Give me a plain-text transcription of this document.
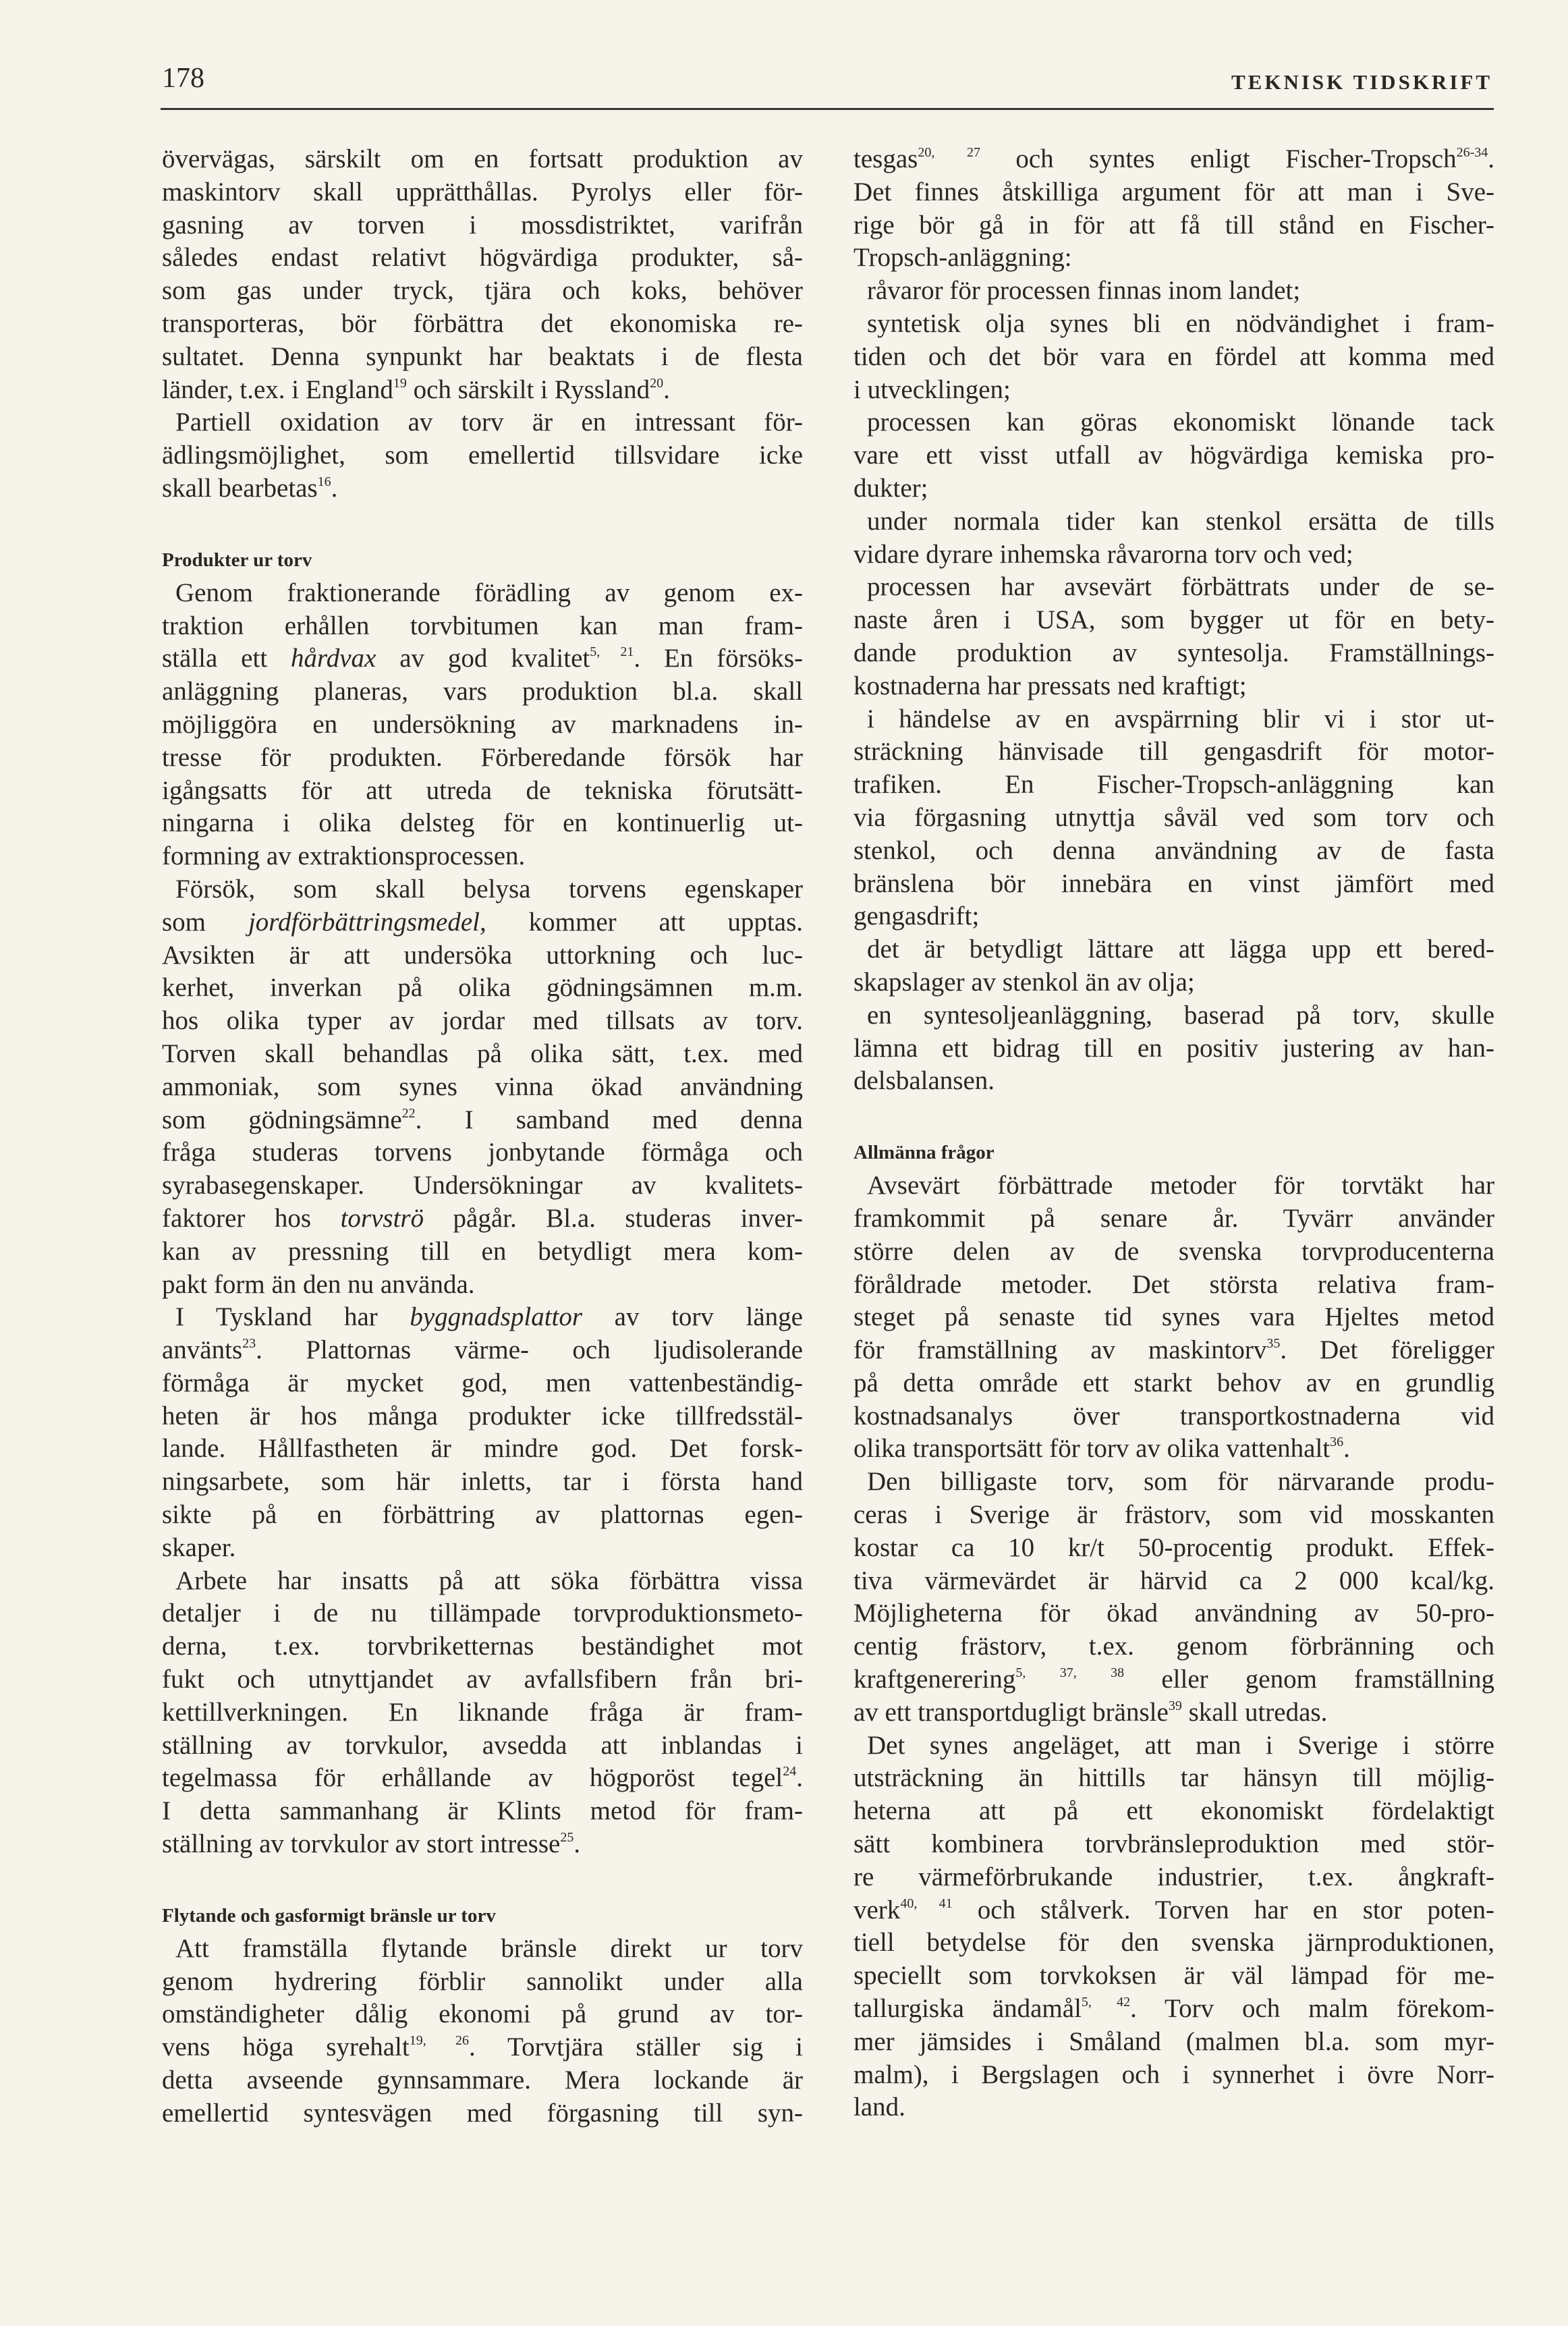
178	TEKNISK TIDSKRIFT
övervägas, särskilt om en fortsatt produktion av
maskintorv skall upprätthållas. Pyrolys eller för-
gasning av torven i mossdistriktet, varifrån
således endast relativt högvärdiga produkter, så-
som gas under tryck, tjära och koks, behöver
transporteras, bör förbättra det ekonomiska re-
sultatet. Denna synpunkt har beaktats i de flesta
länder, t.ex. i England$^{19}$ och särskilt i Ryssland$^{20}$.
Partiell oxidation av torv är en intressant för-
ädlingsmöjlighet, som emellertid tillsvidare icke
skall bearbetas$^{16}$.
Produkter ur torv
Genom fraktionerande förädling av genom ex-
traktion erhållen torvbitumen kan man fram-
ställa ett hårdvax av god kvalitet$^{5, 21}$. En försöks-
anläggning planeras, vars produktion bl.a. skall
möjliggöra en undersökning av marknadens in-
tresse för produkten. Förberedande försök har
igångsatts för att utreda de tekniska förutsätt-
ningarna i olika delsteg för en kontinuerlig ut-
formning av extraktionsprocessen.
Försök, som skall belysa torvens egenskaper
som jordförbättringsmedel, kommer att upptas.
Avsikten är att undersöka uttorkning och luc-
kerhet, inverkan på olika gödningsämnen m.m.
hos olika typer av jordar med tillsats av torv.
Torven skall behandlas på olika sätt, t.ex. med
ammoniak, som synes vinna ökad användning
som gödningsämne$^{22}$. I samband med denna
fråga studeras torvens jonbytande förmåga och
syrabasegenskaper. Undersökningar av kvalitets-
faktorer hos torvströ pågår. Bl.a. studeras inver-
kan av pressning till en betydligt mera kom-
pakt form än den nu använda.
I Tyskland har byggnadsplattor av torv länge
använts$^{23}$. Plattornas värme- och ljudisolerande
förmåga är mycket god, men vattenbeständig-
heten är hos många produkter icke tillfredsstäl-
lande. Hållfastheten är mindre god. Det forsk-
ningsarbete, som här inletts, tar i första hand
sikte på en förbättring av plattornas egen-
skaper.
Arbete har insatts på att söka förbättra vissa
detaljer i de nu tillämpade torvproduktionsmeto-
derna, t.ex. torvbriketternas beständighet mot
fukt och utnyttjandet av avfallsfibern från bri-
kettillverkningen. En liknande fråga är fram-
ställning av torvkulor, avsedda att inblandas i
tegelmassa för erhållande av högporöst tegel$^{24}$.
I detta sammanhang är Klints metod för fram-
ställning av torvkulor av stort intresse$^{25}$.
Flytande och gasformigt bränsle ur torv
Att framställa flytande bränsle direkt ur torv
genom hydrering förblir sannolikt under alla
omständigheter dålig ekonomi på grund av tor-
vens höga syrehalt$^{19, 26}$. Torvtjära ställer sig i
detta avseende gynnsammare. Mera lockande är
emellertid syntesvägen med förgasning till syn-
tesgas$^{20, 27}$ och syntes enligt Fischer-Tropsch$^{26-34}$.
Det finnes åtskilliga argument för att man i Sve-
rige bör gå in för att få till stånd en Fischer-
Tropsch-anläggning:
råvaror för processen finnas inom landet;
syntetisk olja synes bli en nödvändighet i fram-
tiden och det bör vara en fördel att komma med
i utvecklingen;
processen kan göras ekonomiskt lönande tack
vare ett visst utfall av högvärdiga kemiska pro-
dukter;
under normala tider kan stenkol ersätta de tills
vidare dyrare inhemska råvarorna torv och ved;
processen har avsevärt förbättrats under de se-
naste åren i USA, som bygger ut för en bety-
dande produktion av syntesolja. Framställnings-
kostnaderna har pressats ned kraftigt;
i händelse av en avspärrning blir vi i stor ut-
sträckning hänvisade till gengasdrift för motor-
trafiken. En Fischer-Tropsch-anläggning kan
via förgasning utnyttja såväl ved som torv och
stenkol, och denna användning av de fasta
bränslena bör innebära en vinst jämfört med
gengasdrift;
det är betydligt lättare att lägga upp ett bered-
skapslager av stenkol än av olja;
en syntesoljeanläggning, baserad på torv, skulle
lämna ett bidrag till en positiv justering av han-
delsbalansen.
Allmänna frågor
Avsevärt förbättrade metoder för torvtäkt har
framkommit på senare år. Tyvärr använder
större delen av de svenska torvproducenterna
föråldrade metoder. Det största relativa fram-
steget på senaste tid synes vara Hjeltes metod
för framställning av maskintorv$^{35}$. Det föreligger
på detta område ett starkt behov av en grundlig
kostnadsanalys över transportkostnaderna vid
olika transportsätt för torv av olika vattenhalt$^{36}$.
Den billigaste torv, som för närvarande produ-
ceras i Sverige är frästorv, som vid mosskanten
kostar ca 10 kr/t 50-procentig produkt. Effek-
tiva värmevärdet är härvid ca 2 000 kcal/kg.
Möjligheterna för ökad användning av 50-pro-
centig frästorv, t.ex. genom förbränning och
kraftgenerering$^{5, 37, 38}$ eller genom framställning
av ett transportdugligt bränsle$^{39}$ skall utredas.
Det synes angeläget, att man i Sverige i större
utsträckning än hittills tar hänsyn till möjlig-
heterna att på ett ekonomiskt fördelaktigt
sätt kombinera torvbränsleproduktion med stör-
re värmeförbrukande industrier, t.ex. ångkraft-
verk$^{40, 41}$ och stålverk. Torven har en stor poten-
tiell betydelse för den svenska järnproduktionen,
speciellt som torvkoksen är väl lämpad för me-
tallurgiska ändamål$^{5, 42}$. Torv och malm förekom-
mer jämsides i Småland (malmen bl.a. som myr-
malm), i Bergslagen och i synnerhet i övre Norr-
land.
